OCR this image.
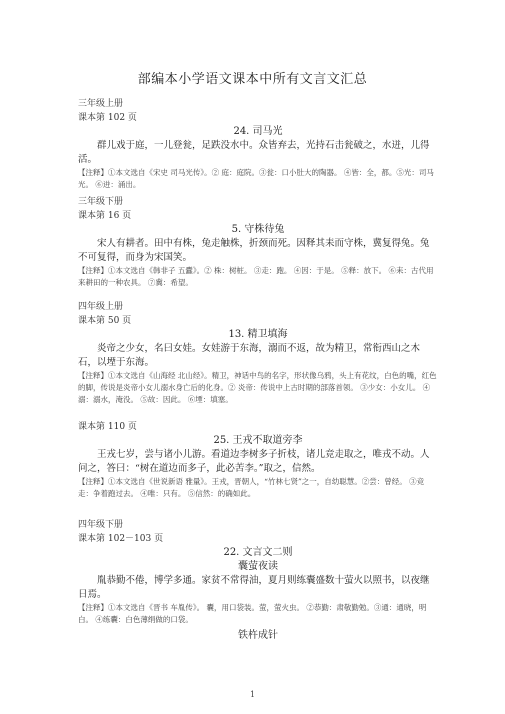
部编本小学语文课本中所有文言文汇总
三年级上册
课本第 102 页
24. 司马光
群儿戏于庭，一儿登瓮，足跌没水中。众皆弃去，光持石击瓮破之，水迸，儿得活。
【注释】①本文选自《宋史 司马光传》。② 庭：庭院。③瓮：口小肚大的陶器。 ④皆：全，都。⑤光：司马光。 ⑥迸：涌出。
三年级下册
课本第 16 页
5. 守株待兔
宋人有耕者。田中有株，兔走触株，折颈而死。因释其耒而守株，冀复得兔。兔不可复得，而身为宋国笑。
【注释】①本文选自《韩非子 五蠹》。② 株：树桩。 ③走：跑。 ④因：于是。 ⑤释：放下。 ⑥耒：古代用来耕田的一种农具。 ⑦冀：希望。
四年级上册
课本第 50 页
13. 精卫填海
炎帝之少女，名曰女娃。女娃游于东海，溺而不返，故为精卫，常衔西山之木石，以堙于东海。
【注释】①本文选自《山海经 北山经》。精卫，神话中鸟的名字，形状像乌鸦，头上有花纹，白色的嘴，红色的脚，传说是炎帝小女儿溺水身亡后的化身。② 炎帝：传说中上古时期的部落首领。 ③少女：小女儿。 ④溺：溺水，淹没。 ⑤故：因此。 ⑥堙：填塞。
课本第 110 页
25. 王戎不取道旁李
王戎七岁，尝与诸小儿游。看道边李树多子折枝，诸儿竞走取之，唯戎不动。人问之，答曰：“树在道边而多子，此必苦李。”取之，信然。
【注释】①本文选自《世说新语 雅量》。王戎，晋朝人，“竹林七贤”之一，自幼聪慧。②尝：曾经。 ③竞走：争着跑过去。 ④唯：只有。 ⑤信然：的确如此。
四年级下册
课本第 102－103 页
22. 文言文二则
囊萤夜读
胤恭勤不倦，博学多通。家贫不常得油，夏月则练囊盛数十萤火以照书，以夜继日焉。
【注释】①本文选自《晋书 车胤传》。 囊，用口袋装。萤，萤火虫。 ②恭勤：肃敬勤勉。③通：通晓，明白。 ④练囊：白色薄绢做的口袋。
铁杵成针
1
